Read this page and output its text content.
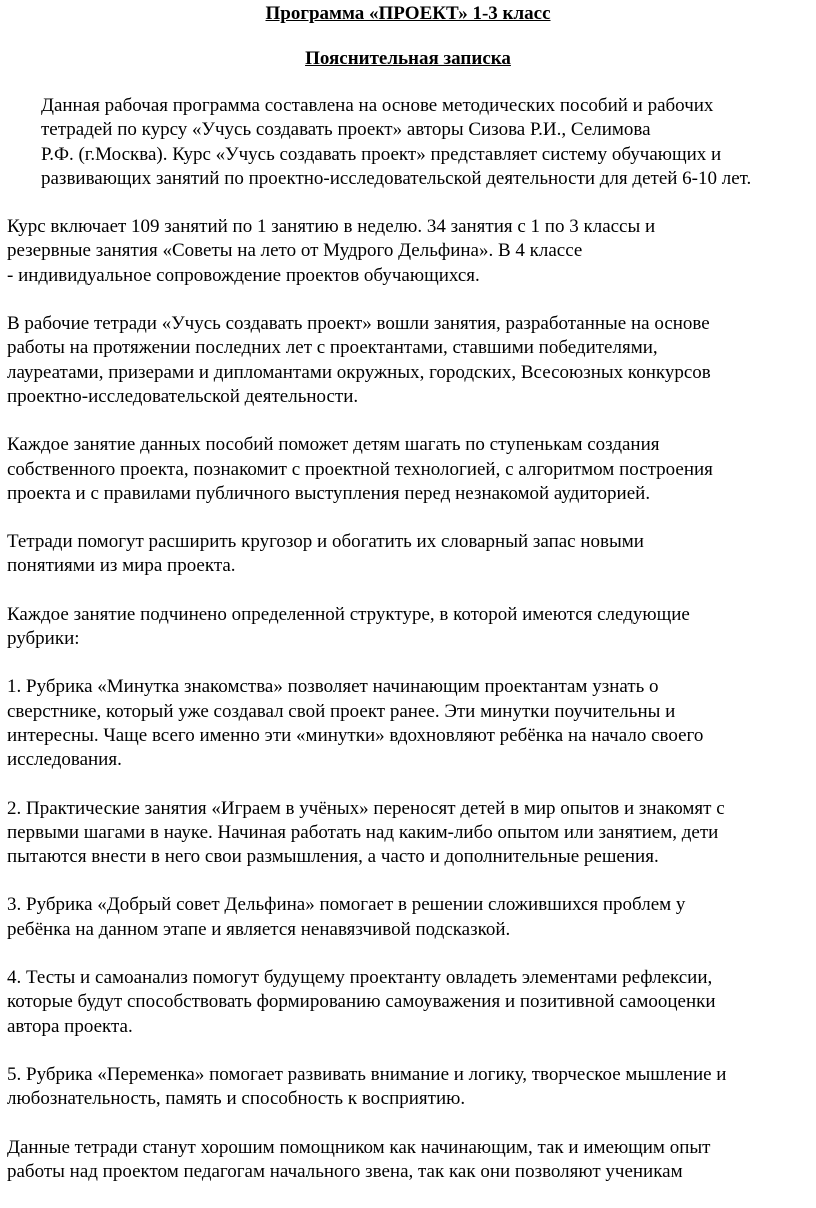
Программа «ПРОЕКТ» 1-3 класс
Пояснительная записка

Данная рабочая программа составлена на основе методических пособий и рабочих
тетрадей по курсу «Учусь создавать проект» авторы Сизова Р.И., Селимова
Р.Ф. (г.Москва). Курс «Учусь создавать проект» представляет систему обучающих и
развивающих занятий по проектно-исследовательской деятельности для детей 6-10 лет.

Курс включает 109 занятий по 1 занятию в неделю. 34 занятия с 1 по 3 классы и
резервные занятия «Советы на лето от Мудрого Дельфина». В 4 классе
- индивидуальное сопровождение проектов обучающихся.

В рабочие тетради «Учусь создавать проект» вошли занятия, разработанные на основе
работы на протяжении последних лет с проектантами, ставшими победителями,
лауреатами, призерами и дипломантами окружных, городских, Всесоюзных конкурсов
проектно-исследовательской деятельности.

Каждое занятие данных пособий поможет детям шагать по ступенькам создания
собственного проекта, познакомит с проектной технологией, с алгоритмом построения
проекта и с правилами публичного выступления перед незнакомой аудиторией.

Тетради помогут расширить кругозор и обогатить их словарный запас новыми
понятиями из мира проекта.

Каждое занятие подчинено определенной структуре, в которой имеются следующие
рубрики:

1. Рубрика «Минутка знакомства» позволяет начинающим проектантам узнать о
сверстнике, который уже создавал свой проект ранее. Эти минутки поучительны и
интересны. Чаще всего именно эти «минутки» вдохновляют ребёнка на начало своего
исследования.

2. Практические занятия «Играем в учёных» переносят детей в мир опытов и знакомят с
первыми шагами в науке. Начиная работать над каким-либо опытом или занятием, дети
пытаются внести в него свои размышления, а часто и дополнительные решения.

3. Рубрика «Добрый совет Дельфина» помогает в решении сложившихся проблем у
ребёнка на данном этапе и является ненавязчивой подсказкой.

4. Тесты и самоанализ помогут будущему проектанту овладеть элементами рефлексии,
которые будут способствовать формированию самоуважения и позитивной самооценки
автора проекта.

5. Рубрика «Переменка» помогает развивать внимание и логику, творческое мышление и
любознательность, память и способность к восприятию.

Данные тетради станут хорошим помощником как начинающим, так и имеющим опыт
работы над проектом педагогам начального звена, так как они позволяют ученикам
